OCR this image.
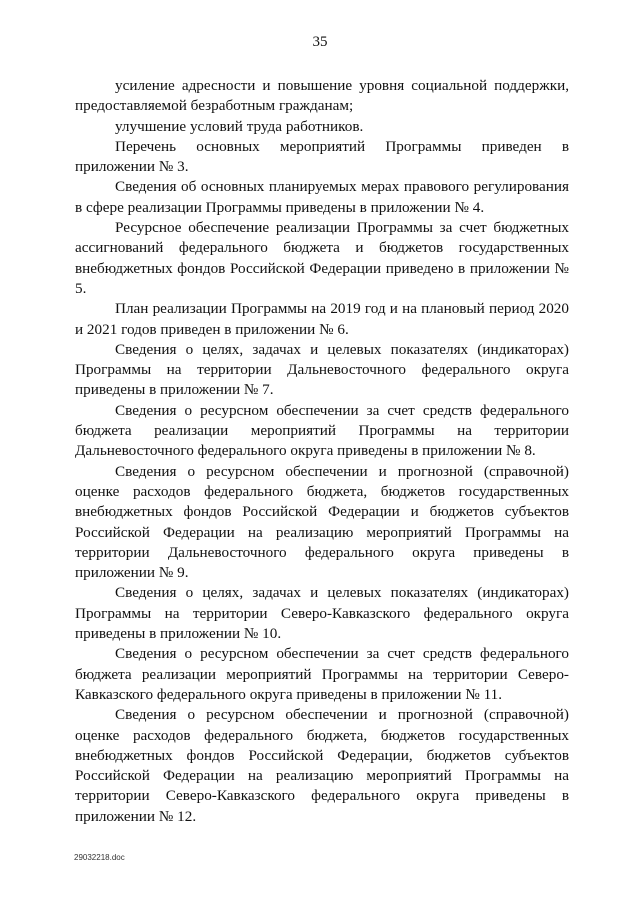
35

усиление адресности и повышение уровня социальной поддержки, предоставляемой безработным гражданам;

улучшение условий труда работников.

Перечень основных мероприятий Программы приведен в приложении № 3.

Сведения об основных планируемых мерах правового регулирования в сфере реализации Программы приведены в приложении № 4.

Ресурсное обеспечение реализации Программы за счет бюджетных ассигнований федерального бюджета и бюджетов государственных внебюджетных фондов Российской Федерации приведено в приложении № 5.

План реализации Программы на 2019 год и на плановый период 2020 и 2021 годов приведен в приложении № 6.

Сведения о целях, задачах и целевых показателях (индикаторах) Программы на территории Дальневосточного федерального округа приведены в приложении № 7.

Сведения о ресурсном обеспечении за счет средств федерального бюджета реализации мероприятий Программы на территории Дальневосточного федерального округа приведены в приложении № 8.

Сведения о ресурсном обеспечении и прогнозной (справочной) оценке расходов федерального бюджета, бюджетов государственных внебюджетных фондов Российской Федерации и бюджетов субъектов Российской Федерации на реализацию мероприятий Программы на территории Дальневосточного федерального округа приведены в приложении № 9.

Сведения о целях, задачах и целевых показателях (индикаторах) Программы на территории Северо-Кавказского федерального округа приведены в приложении № 10.

Сведения о ресурсном обеспечении за счет средств федерального бюджета реализации мероприятий Программы на территории Северо-Кавказского федерального округа приведены в приложении № 11.

Сведения о ресурсном обеспечении и прогнозной (справочной) оценке расходов федерального бюджета, бюджетов государственных внебюджетных фондов Российской Федерации, бюджетов субъектов Российской Федерации на реализацию мероприятий Программы на территории Северо-Кавказского федерального округа приведены в приложении № 12.

29032218.doc
